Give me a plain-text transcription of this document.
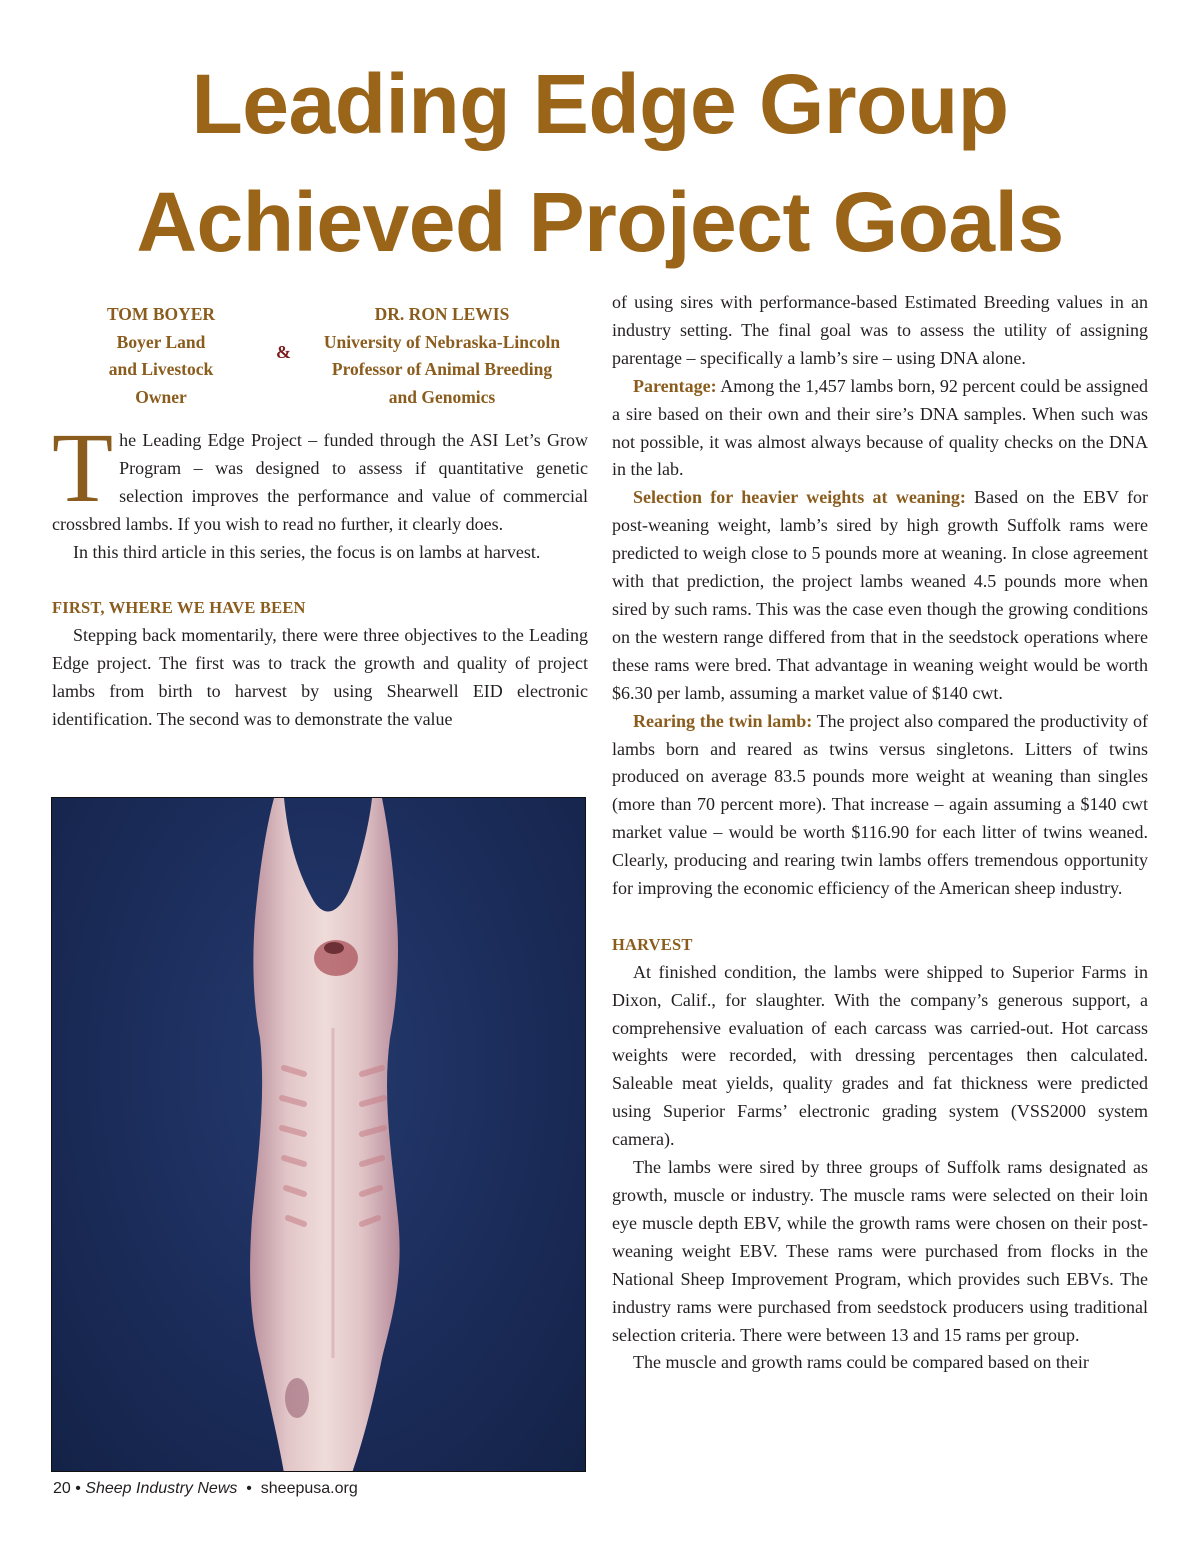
Leading Edge Group
Achieved Project Goals
TOM BOYER
Boyer Land
and Livestock
Owner
&
DR. RON LEWIS
University of Nebraska-Lincoln
Professor of Animal Breeding
and Genomics

The Leading Edge Project – funded through the ASI Let’s Grow Program – was designed to assess if quantitative genetic selection improves the performance and value of commercial crossbred lambs. If you wish to read no further, it clearly does.

In this third article in this series, the focus is on lambs at harvest.

FIRST, WHERE WE HAVE BEEN

Stepping back momentarily, there were three objectives to the Leading Edge project. The first was to track the growth and quality of project lambs from birth to harvest by using Shearwell EID electronic identification. The second was to demonstrate the value

of using sires with performance-based Estimated Breeding values in an industry setting. The final goal was to assess the utility of assigning parentage – specifically a lamb’s sire – using DNA alone.

Parentage: Among the 1,457 lambs born, 92 percent could be assigned a sire based on their own and their sire’s DNA samples. When such was not possible, it was almost always because of quality checks on the DNA in the lab.

Selection for heavier weights at weaning: Based on the EBV for post-weaning weight, lamb’s sired by high growth Suffolk rams were predicted to weigh close to 5 pounds more at weaning. In close agreement with that prediction, the project lambs weaned 4.5 pounds more when sired by such rams. This was the case even though the growing conditions on the western range differed from that in the seedstock operations where these rams were bred. That advantage in weaning weight would be worth $6.30 per lamb, assuming a market value of $140 cwt.

Rearing the twin lamb: The project also compared the productivity of lambs born and reared as twins versus singletons. Litters of twins produced on average 83.5 pounds more weight at weaning than singles (more than 70 percent more). That increase – again assuming a $140 cwt market value – would be worth $116.90 for each litter of twins weaned. Clearly, producing and rearing twin lambs offers tremendous opportunity for improving the economic efficiency of the American sheep industry.

HARVEST

At finished condition, the lambs were shipped to Superior Farms in Dixon, Calif., for slaughter. With the company’s generous support, a comprehensive evaluation of each carcass was carried-out. Hot carcass weights were recorded, with dressing percentages then calculated. Saleable meat yields, quality grades and fat thickness were predicted using Superior Farms’ electronic grading system (VSS2000 system camera).

The lambs were sired by three groups of Suffolk rams designated as growth, muscle or industry. The muscle rams were selected on their loin eye muscle depth EBV, while the growth rams were chosen on their post-weaning weight EBV. These rams were purchased from flocks in the National Sheep Improvement Program, which provides such EBVs. The industry rams were purchased from seedstock producers using traditional selection criteria. There were between 13 and 15 rams per group.

The muscle and growth rams could be compared based on their

20 • Sheep Industry News  •  sheepusa.org
